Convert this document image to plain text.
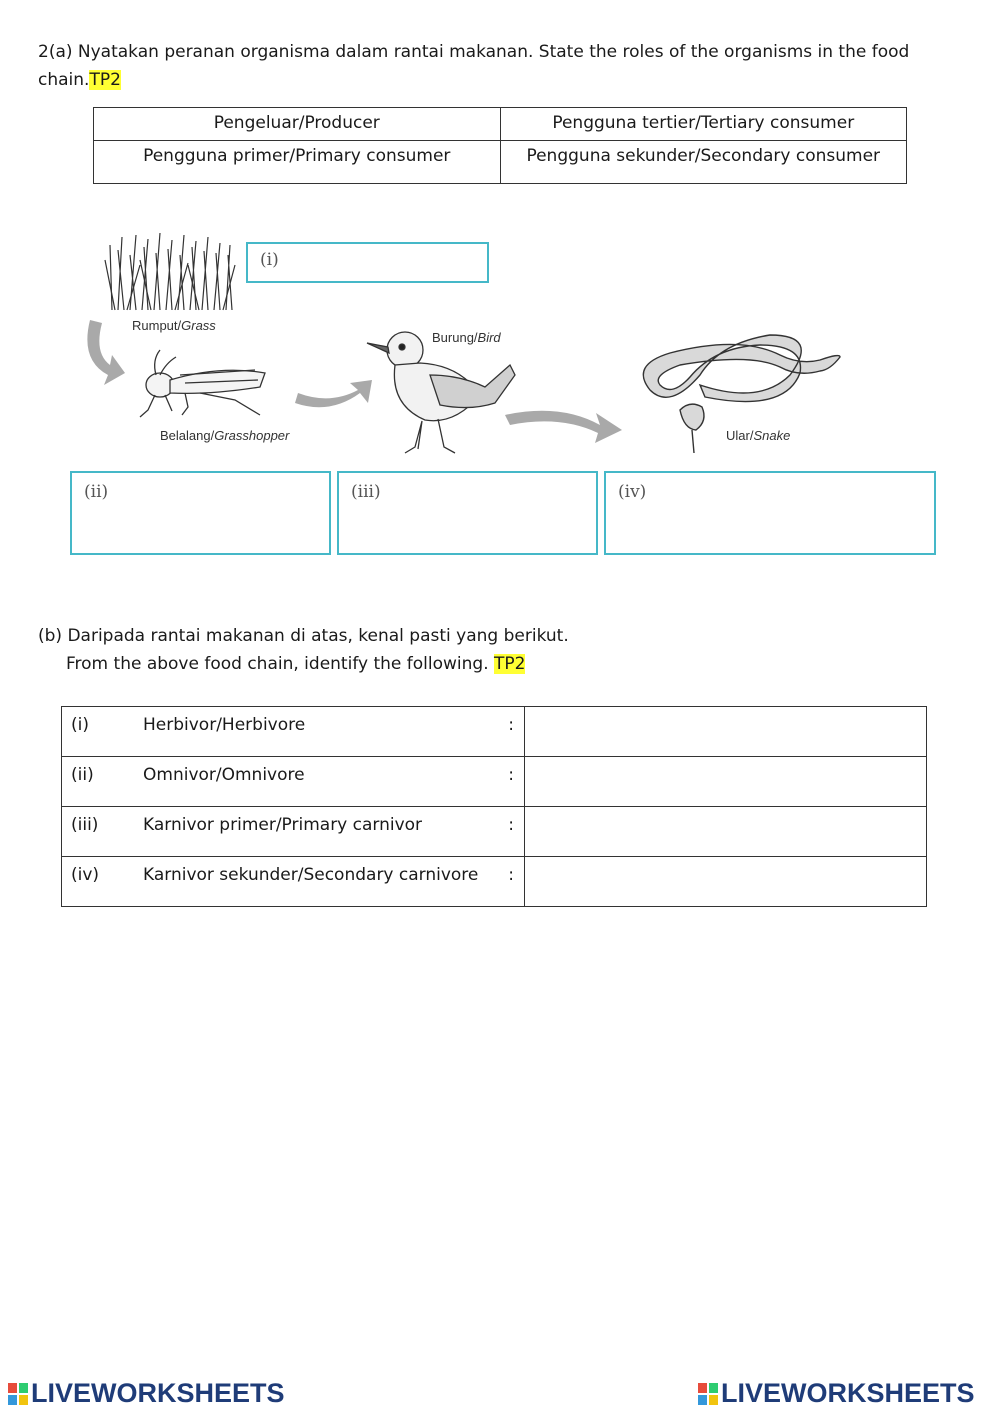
2(a) Nyatakan peranan organisma dalam rantai makanan. State the roles of the organisms in the food
chain.TP2
Pengeluar/Producer	Pengguna tertier/Tertiary consumer
Pengguna primer/Primary consumer	Pengguna sekunder/Secondary consumer
Rumput/Grass
Belalang/Grasshopper
Burung/Bird
Ular/Snake
(i)
(ii)	(iii)	(iv)
(b) Daripada rantai makanan di atas, kenal pasti yang berikut.
From the above food chain, identify the following. TP2
(i) Herbivor/Herbivore :	

(ii) Omnivor/Omnivore :	

(iii) Karnivor primer/Primary carnivor :	

(iv) Karnivor sekunder/Secondary carnivore :	

LIVEWORKSHEETS	LIVEWORKSHEETS
